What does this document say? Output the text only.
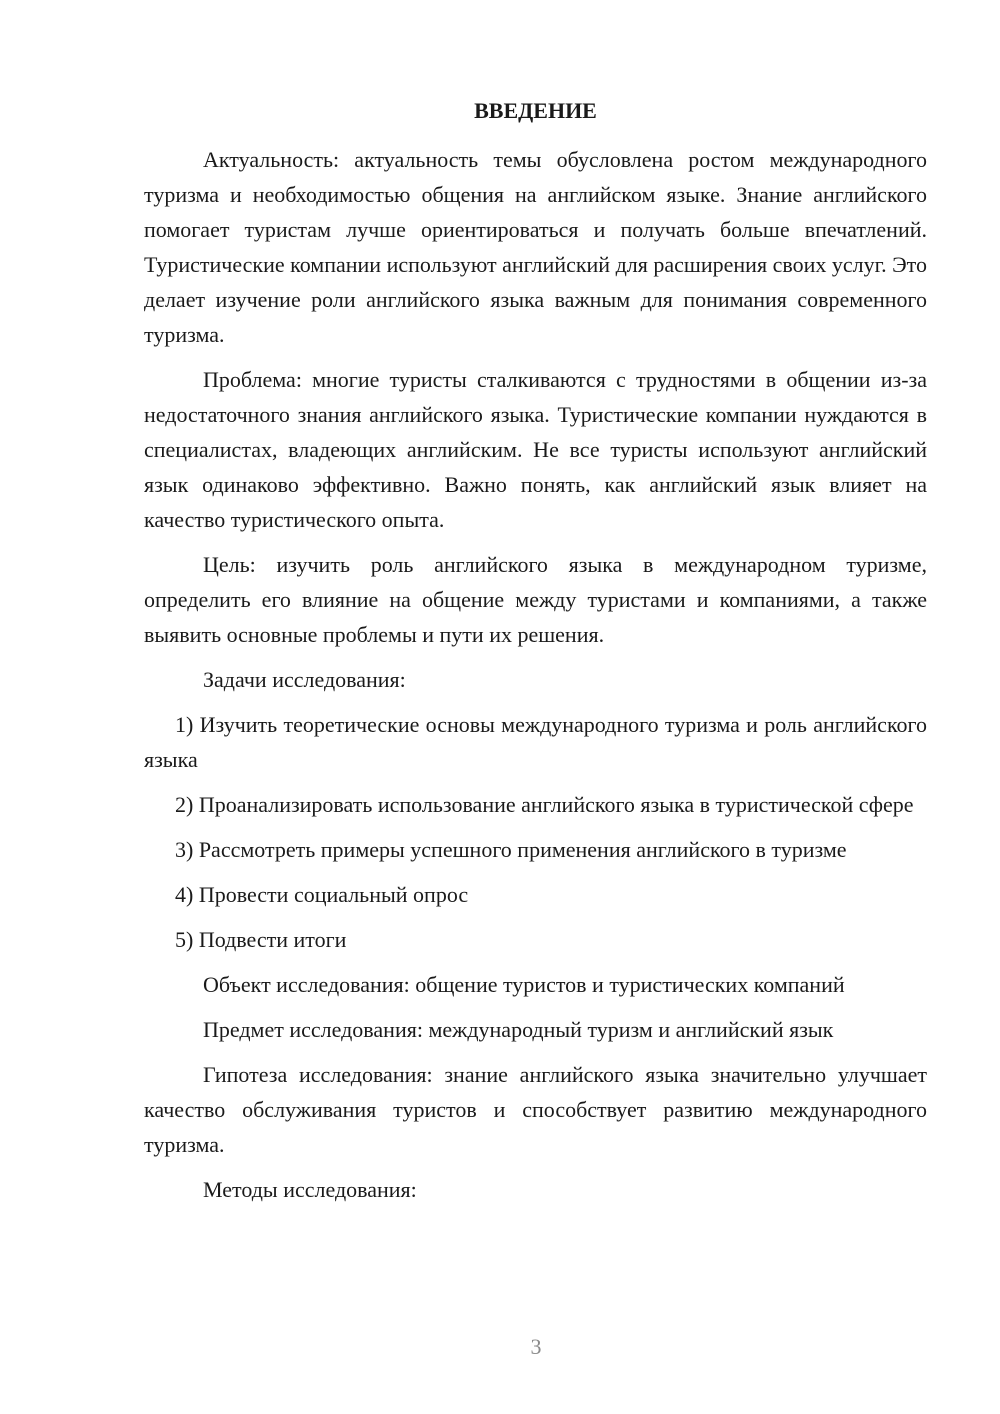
ВВЕДЕНИЕ

Актуальность: актуальность темы обусловлена ростом международного туризма и необходимостью общения на английском языке. Знание английского помогает туристам лучше ориентироваться и получать больше впечатлений. Туристические компании используют английский для расширения своих услуг. Это делает изучение роли английского языка важным для понимания современного туризма.

Проблема: многие туристы сталкиваются с трудностями в общении из-за недостаточного знания английского языка. Туристические компании нуждаются в специалистах, владеющих английским. Не все туристы используют английский язык одинаково эффективно. Важно понять, как английский язык влияет на качество туристического опыта.

Цель: изучить роль английского языка в международном туризме, определить его влияние на общение между туристами и компаниями, а также выявить основные проблемы и пути их решения.

Задачи исследования:

1) Изучить теоретические основы международного туризма и роль английского языка

2) Проанализировать использование английского языка в туристической сфере

3) Рассмотреть примеры успешного применения английского в туризме

4) Провести социальный опрос

5) Подвести итоги

Объект исследования: общение туристов и туристических компаний

Предмет исследования: международный туризм и английский язык

Гипотеза исследования: знание английского языка значительно улучшает качество обслуживания туристов и способствует развитию международного туризма.

Методы исследования:

3
